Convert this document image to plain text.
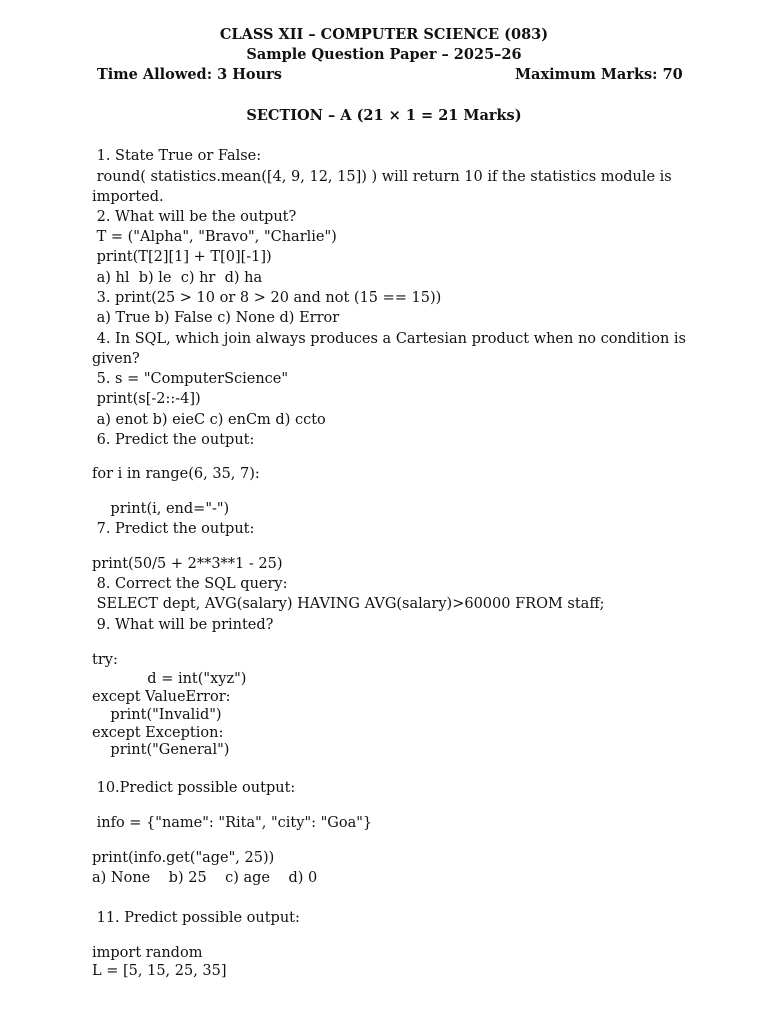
CLASS XII – COMPUTER SCIENCE (083)
Sample Question Paper – 2025–26
Time Allowed: 3 Hours	Maximum Marks: 70
SECTION – A (21 × 1 = 21 Marks)
1. State True or False:
round( statistics.mean([4, 9, 12, 15]) ) will return 10 if the statistics module is
imported.
2. What will be the output?
T = ("Alpha", "Bravo", "Charlie")
print(T[2][1] + T[0][-1])
a) hl  b) le  c) hr  d) ha
3. print(25 > 10 or 8 > 20 and not (15 == 15))
a) True b) False c) None d) Error
4. In SQL, which join always produces a Cartesian product when no condition is
given?
5. s = "ComputerScience"
print(s[-2::-4])
a) enot b) eieC c) enCm d) ccto
6. Predict the output:
for i in range(6, 35, 7):
print(i, end="-")
7. Predict the output:
print(50/5 + 2**3**1 - 25)
8. Correct the SQL query:
SELECT dept, AVG(salary) HAVING AVG(salary)>60000 FROM staff;
9. What will be printed?
try:
d = int("xyz")
except ValueError:
print("Invalid")
except Exception:
print("General")
10.Predict possible output:
info = {"name": "Rita", "city": "Goa"}
print(info.get("age", 25))
a) None    b) 25    c) age    d) 0
11. Predict possible output:
import random
L = [5, 15, 25, 35]
